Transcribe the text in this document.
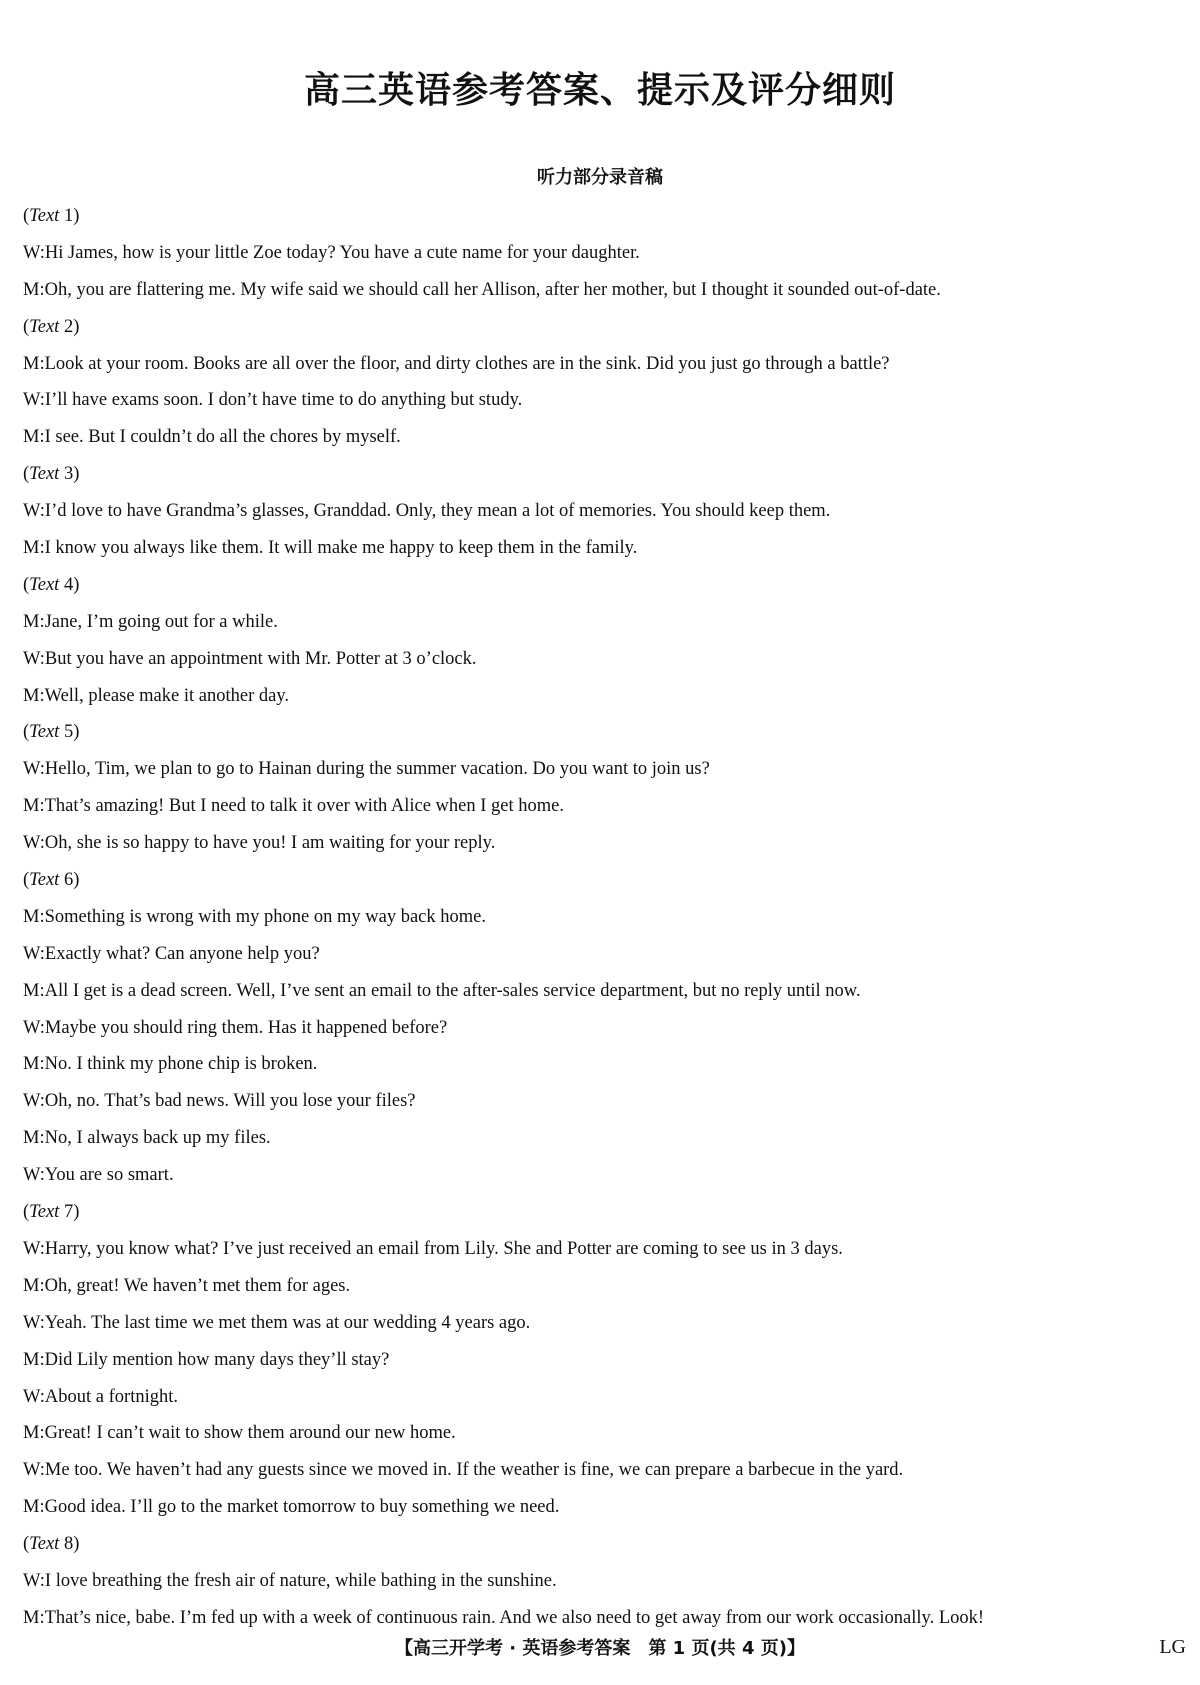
高三英语参考答案、提示及评分细则
听力部分录音稿
(Text 1)
W:Hi James, how is your little Zoe today? You have a cute name for your daughter.
M:Oh, you are flattering me. My wife said we should call her Allison, after her mother, but I thought it sounded out-of-date.
(Text 2)
M:Look at your room. Books are all over the floor, and dirty clothes are in the sink. Did you just go through a battle?
W:I’ll have exams soon. I don’t have time to do anything but study.
M:I see. But I couldn’t do all the chores by myself.
(Text 3)
W:I’d love to have Grandma’s glasses, Granddad. Only, they mean a lot of memories. You should keep them.
M:I know you always like them. It will make me happy to keep them in the family.
(Text 4)
M:Jane, I’m going out for a while.
W:But you have an appointment with Mr. Potter at 3 o’clock.
M:Well, please make it another day.
(Text 5)
W:Hello, Tim, we plan to go to Hainan during the summer vacation. Do you want to join us?
M:That’s amazing! But I need to talk it over with Alice when I get home.
W:Oh, she is so happy to have you! I am waiting for your reply.
(Text 6)
M:Something is wrong with my phone on my way back home.
W:Exactly what? Can anyone help you?
M:All I get is a dead screen. Well, I’ve sent an email to the after-sales service department, but no reply until now.
W:Maybe you should ring them. Has it happened before?
M:No. I think my phone chip is broken.
W:Oh, no. That’s bad news. Will you lose your files?
M:No, I always back up my files.
W:You are so smart.
(Text 7)
W:Harry, you know what? I’ve just received an email from Lily. She and Potter are coming to see us in 3 days.
M:Oh, great! We haven’t met them for ages.
W:Yeah. The last time we met them was at our wedding 4 years ago.
M:Did Lily mention how many days they’ll stay?
W:About a fortnight.
M:Great! I can’t wait to show them around our new home.
W:Me too. We haven’t had any guests since we moved in. If the weather is fine, we can prepare a barbecue in the yard.
M:Good idea. I’ll go to the market tomorrow to buy something we need.
(Text 8)
W:I love breathing the fresh air of nature, while bathing in the sunshine.
M:That’s nice, babe. I’m fed up with a week of continuous rain. And we also need to get away from our work occasionally. Look!
【高三开学考 · 英语参考答案　第 1 页(共 4 页)】	LG
